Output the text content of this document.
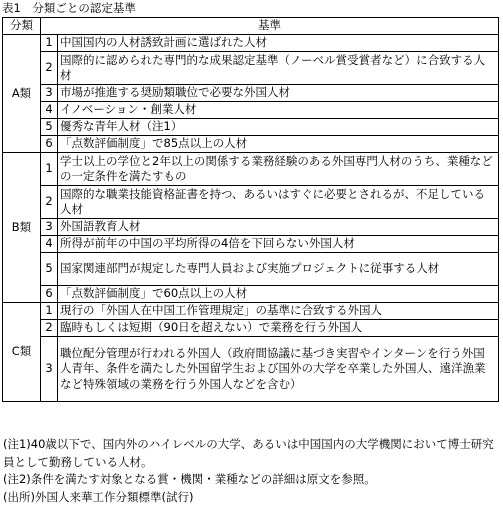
表1　分類ごとの認定基準
分類	基準	
A類	1	中国国内の人材誘致計画に選ばれた人材
	2	国際的に認められた専門的な成果認定基準（ノーベル賞受賞者など）に合致する人材
	3	市場が推進する奨励類職位で必要な外国人材
	4	イノベーション・創業人材
	5	優秀な青年人材（注1）
	6	「点数評価制度」で85点以上の人材
B類	1	学士以上の学位と2年以上の関係する業務経験のある外国専門人材のうち、業種などの一定条件を満たすもの
	2	国際的な職業技能資格証書を持つ、あるいはすぐに必要とされるが、不足している人材
	3	外国語教育人材
	4	所得が前年の中国の平均所得の4倍を下回らない外国人材
	5	国家関連部門が規定した専門人員および実施プロジェクトに従事する人材
	6	「点数評価制度」で60点以上の人材
C類	1	現行の「外国人在中国工作管理規定」の基準に合致する外国人
	2	臨時もしくは短期（90日を超えない）で業務を行う外国人
	3	職位配分管理が行われる外国人（政府間協議に基づき実習やインターンを行う外国人青年、条件を満たした外国留学生および国外の大学を卒業した外国人、遠洋漁業など特殊領域の業務を行う外国人などを含む）
(注1)40歳以下で、国内外のハイレベルの大学、あるいは中国国内の大学機関において博士研究員として勤務している人材。
(注2)条件を満たす対象となる賞・機関・業種などの詳細は原文を参照。
(出所)外国人来華工作分類標準(試行)
